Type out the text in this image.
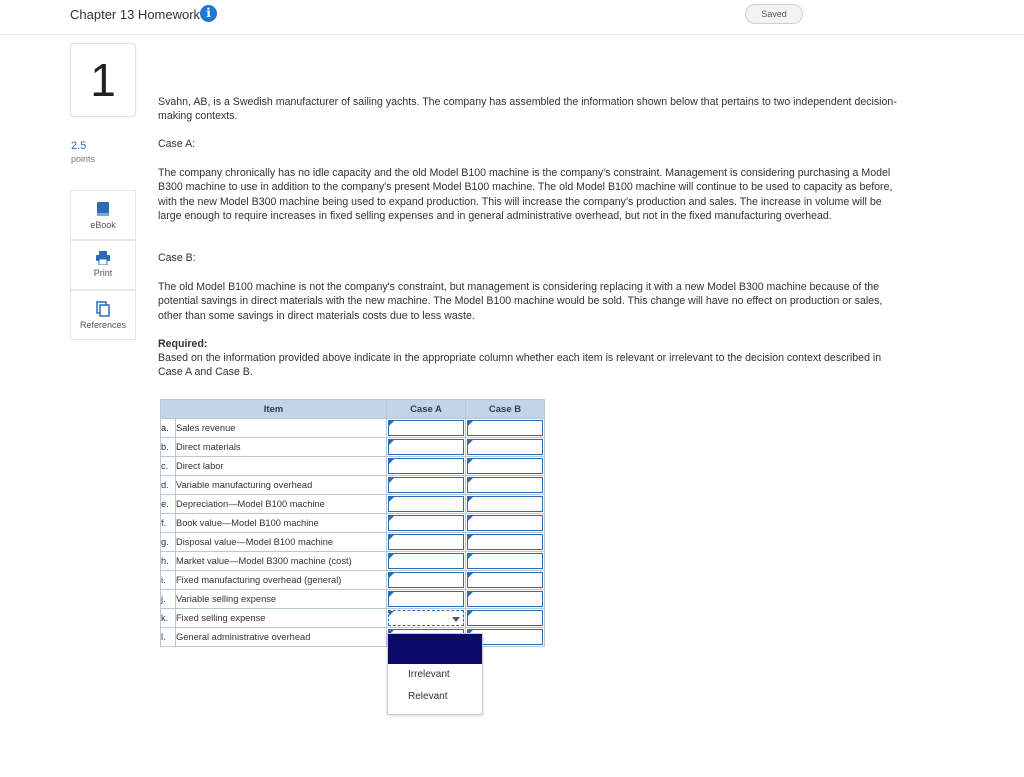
Chapter 13 Homework i	Saved
1
2.5
points
eBook
Print
References

Svahn, AB, is a Swedish manufacturer of sailing yachts. The company has assembled the information shown below that pertains to two independent decision-making contexts.

Case A:

The company chronically has no idle capacity and the old Model B100 machine is the company's constraint. Management is considering purchasing a Model B300 machine to use in addition to the company's present Model B100 machine. The old Model B100 machine will continue to be used to capacity as before, with the new Model B300 machine being used to expand production. This will increase the company's production and sales. The increase in volume will be large enough to require increases in fixed selling expenses and in general administrative overhead, but not in the fixed manufacturing overhead.

Case B:

The old Model B100 machine is not the company's constraint, but management is considering replacing it with a new Model B300 machine because of the potential savings in direct materials with the new machine. The Model B100 machine would be sold. This change will have no effect on production or sales, other than some savings in direct materials costs due to less waste.

Required:

Based on the information provided above indicate in the appropriate column whether each item is relevant or irrelevant to the decision context described in Case A and Case B.

Item		Case A	Case B
a.	Sales revenue	

b.	Direct materials	

c.	Direct labor	

d.	Variable manufacturing overhead	

e.	Depreciation—Model B100 machine	

f.	Book value—Model B100 machine	

g.	Disposal value—Model B100 machine	

h.	Market value—Model B300 machine (cost)	

i.	Fixed manufacturing overhead (general)	

j.	Variable selling expense	

k.	Fixed selling expense	

l.	General administrative overhead	

Irrelevant
Relevant
